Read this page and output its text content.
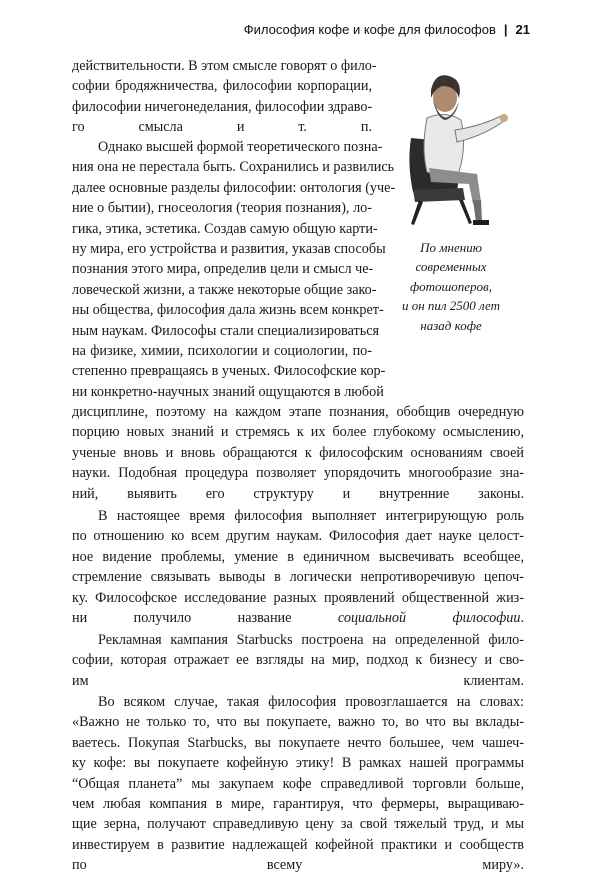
Философия кофе и кофе для философов | 21

действительности. В этом смысле говорят о фило-
софии бродяжничества, философии корпорации,
философии ничегонеделания, философии здраво-
го смысла и т. п.

Однако высшей формой теоретического позна-
ния она не перестала быть. Сохранились и развились
далее основные разделы философии: онтология (уче-
ние о бытии), гносеология (теория познания), ло-
гика, этика, эстетика. Создав самую общую карти-
ну мира, его устройства и развития, указав способы
познания этого мира, определив цели и смысл че-
ловеческой жизни, а также некоторые общие зако-
ны общества, философия дала жизнь всем конкрет-
ным наукам. Философы стали специализироваться
на физике, химии, психологии и социологии, по-
степенно превращаясь в ученых. Философские кор-
ни конкретно-научных знаний ощущаются в любой

дисциплине, поэтому на каждом этапе познания, обобщив очередную
порцию новых знаний и стремясь к их более глубокому осмыслению,
ученые вновь и вновь обращаются к философским основаниям своей
науки. Подобная процедура позволяет упорядочить многообразие зна-
ний, выявить его структуру и внутренние законы.

В настоящее время философия выполняет интегрирующую роль
по отношению ко всем другим наукам. Философия дает науке целост-
ное видение проблемы, умение в единичном высвечивать всеобщее,
стремление связывать выводы в логически непротиворечивую цепоч-
ку. Философское исследование разных проявлений общественной жиз-
ни получило название социальной философии.

Рекламная кампания Starbucks построена на определенной фило-
софии, которая отражает ее взгляды на мир, подход к бизнесу и сво-
им клиентам.

Во всяком случае, такая философия провозглашается на словах:
«Важно не только то, что вы покупаете, важно то, во что вы вклады-
ваетесь. Покупая Starbucks, вы покупаете нечто большее, чем чашеч-
ку кофе: вы покупаете кофейную этику! В рамках нашей программы
“Общая планета” мы закупаем кофе справедливой торговли больше,
чем любая компания в мире, гарантируя, что фермеры, выращиваю-
щие зерна, получают справедливую цену за свой тяжелый труд, и мы
инвестируем в развитие надлежащей кофейной практики и сообществ
по всему миру».

По мнению
современных
фотошоперов,
и он пил 2500 лет
назад кофе
